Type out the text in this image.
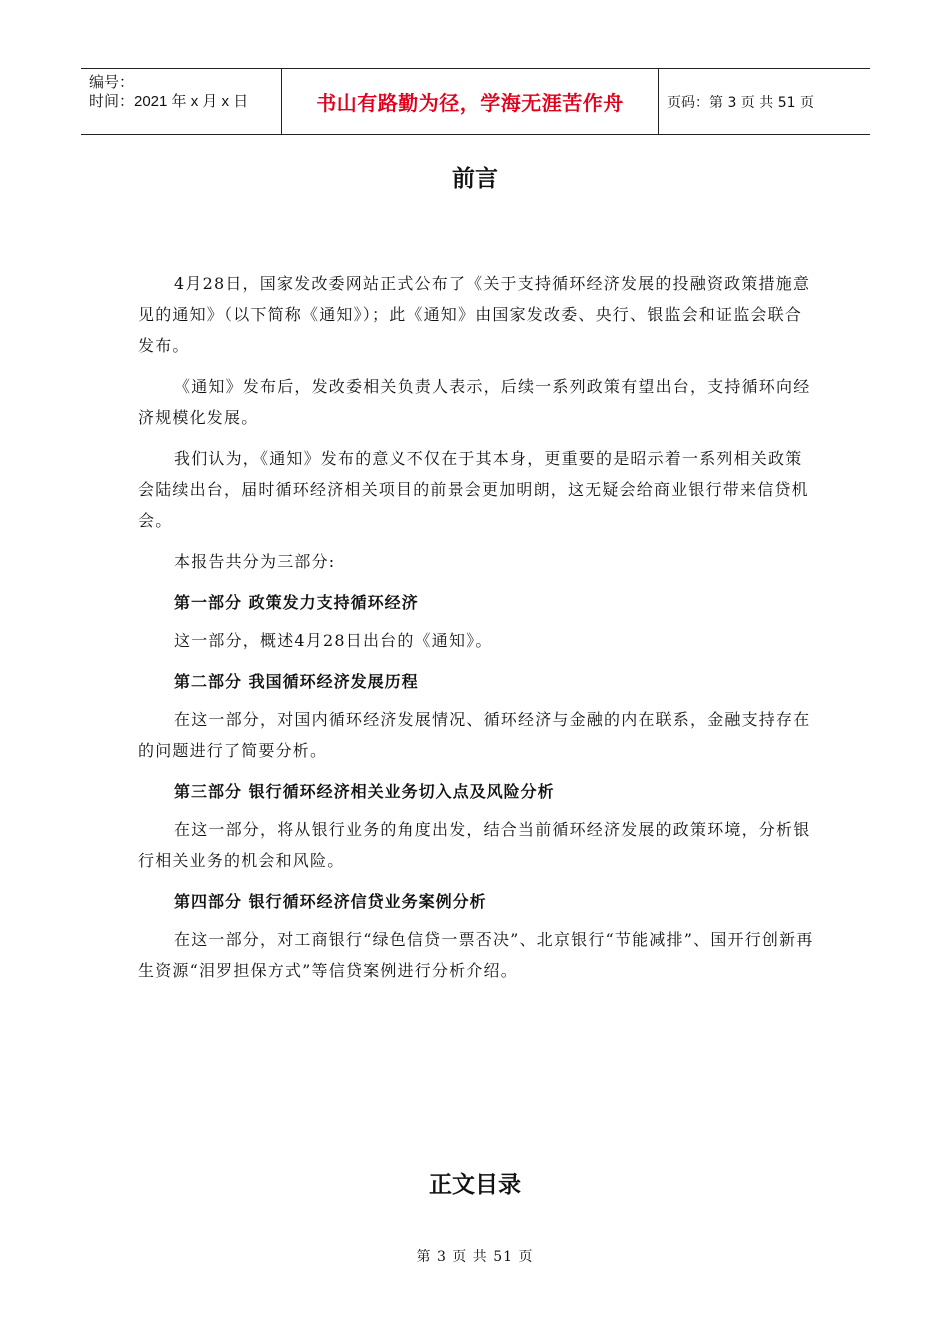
编号：
时间：2021 年 x 月 x 日	书山有路勤为径，学海无涯苦作舟	页码：第 3 页 共 51 页
前言

4月28日，国家发改委网站正式公布了《关于支持循环经济发展的投融资政策措施意见的通知》（以下简称《通知》）；此《通知》由国家发改委、央行、银监会和证监会联合发布。

《通知》发布后，发改委相关负责人表示，后续一系列政策有望出台，支持循环向经济规模化发展。

我们认为，《通知》发布的意义不仅在于其本身，更重要的是昭示着一系列相关政策会陆续出台，届时循环经济相关项目的前景会更加明朗，这无疑会给商业银行带来信贷机会。

本报告共分为三部分:

第一部分 政策发力支持循环经济

这一部分，概述4月28日出台的《通知》。

第二部分 我国循环经济发展历程

在这一部分，对国内循环经济发展情况、循环经济与金融的内在联系，金融支持存在的问题进行了简要分析。

第三部分 银行循环经济相关业务切入点及风险分析

在这一部分，将从银行业务的角度出发，结合当前循环经济发展的政策环境，分析银行相关业务的机会和风险。

第四部分 银行循环经济信贷业务案例分析

在这一部分，对工商银行“绿色信贷一票否决”、北京银行“节能减排”、国开行创新再生资源“泪罗担保方式”等信贷案例进行分析介绍。

正文目录
第 3 页 共 51 页
